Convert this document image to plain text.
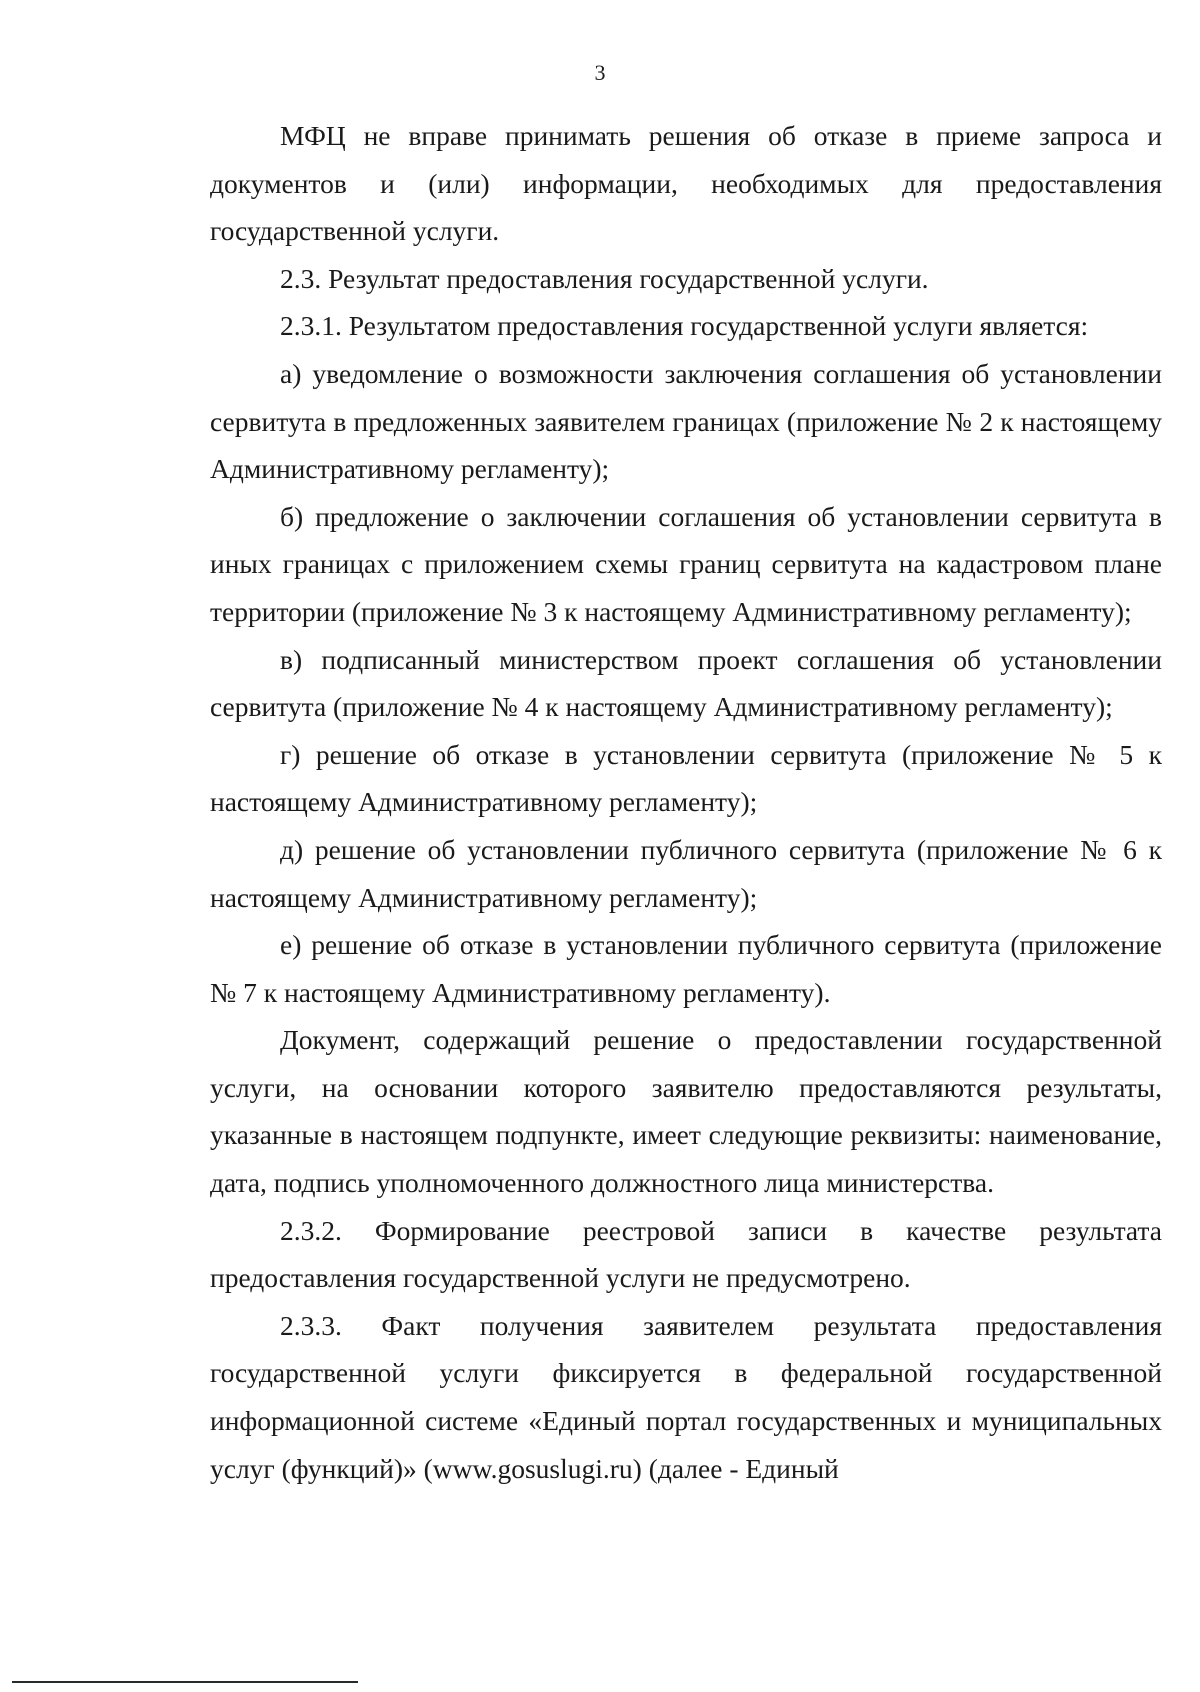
3

МФЦ не вправе принимать решения об отказе в приеме запроса и документов и (или) информации, необходимых для предоставления государственной услуги.

2.3. Результат предоставления государственной услуги.

2.3.1. Результатом предоставления государственной услуги является:

а) уведомление о возможности заключения соглашения об установлении сервитута в предложенных заявителем границах (приложение № 2 к настоящему Административному регламенту);

б) предложение о заключении соглашения об установлении сервитута в иных границах с приложением схемы границ сервитута на кадастровом плане территории (приложение № 3 к настоящему Административному регламенту);

в) подписанный министерством проект соглашения об установлении сервитута (приложение № 4 к настоящему Административному регламенту);

г) решение об отказе в установлении сервитута (приложение № 5 к настоящему Административному регламенту);

д) решение об установлении публичного сервитута (приложение № 6 к настоящему Административному регламенту);

е) решение об отказе в установлении публичного сервитута (приложение № 7 к настоящему Административному регламенту).

Документ, содержащий решение о предоставлении государственной услуги, на основании которого заявителю предоставляются результаты, указанные в настоящем подпункте, имеет следующие реквизиты: наименование, дата, подпись уполномоченного должностного лица министерства.

2.3.2. Формирование реестровой записи в качестве результата предоставления государственной услуги не предусмотрено.

2.3.3. Факт получения заявителем результата предоставления государственной услуги фиксируется в федеральной государственной информационной системе «Единый портал государственных и муниципальных услуг (функций)» (www.gosuslugi.ru) (далее - Единый
